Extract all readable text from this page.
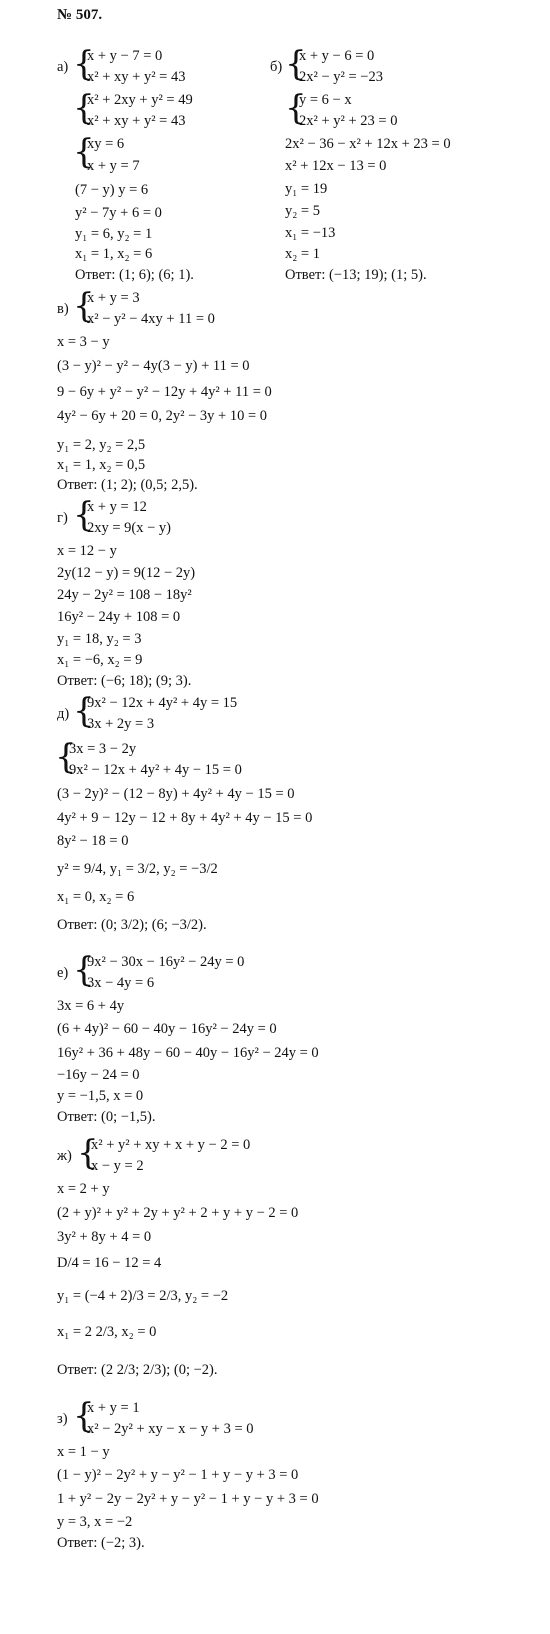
№ 507.
а) {
x + y − 7 = 0
x² + xy + y² = 43
{
x² + 2xy + y² = 49
x² + xy + y² = 43
{
xy = 6
x + y = 7
(7 − y) y = 6
y² − 7y + 6 = 0
y₁ = 6, y₂ = 1
x₁ = 1, x₂ = 6
Ответ: (1; 6); (6; 1).
б) {
x + y − 6 = 0
2x² − y² = −23
{
y = 6 − x
2x² + y² + 23 = 0
2x² − 36 − x² + 12x + 23 = 0
x² + 12x − 13 = 0
y₁ = 19
y₂ = 5
x₁ = −13
x₂ = 1
Ответ: (−13; 19); (1; 5).
в) {
x + y = 3
x² − y² − 4xy + 11 = 0
x = 3 − y
(3 − y)² − y² − 4y(3 − y) + 11 = 0
9 − 6y + y² − y² − 12y + 4y² + 11 = 0
4y² − 6y + 20 = 0, 2y² − 3y + 10 = 0
y₁ = 2, y₂ = 2,5
x₁ = 1, x₂ = 0,5
Ответ: (1; 2); (0,5; 2,5).
г) {
x + y = 12
2xy = 9(x − y)
x = 12 − y
2y(12 − y) = 9(12 − 2y)
24y − 2y² = 108 − 18y²
16y² − 24y + 108 = 0
y₁ = 18, y₂ = 3
x₁ = −6, x₂ = 9
Ответ: (−6; 18); (9; 3).
д) {
9x² − 12x + 4y² + 4y = 15
3x + 2y = 3
{
3x = 3 − 2y
9x² − 12x + 4y² + 4y − 15 = 0
(3 − 2y)² − (12 − 8y) + 4y² + 4y − 15 = 0
4y² + 9 − 12y − 12 + 8y + 4y² + 4y − 15 = 0
8y² − 18 = 0
y² = 9/4, y₁ = 3/2, y₂ = −3/2
x₁ = 0, x₂ = 6
Ответ: (0; 3/2); (6; −3/2).
е) {
9x² − 30x − 16y² − 24y = 0
3x − 4y = 6
3x = 6 + 4y
(6 + 4y)² − 60 − 40y − 16y² − 24y = 0
16y² + 36 + 48y − 60 − 40y − 16y² − 24y = 0
−16y − 24 = 0
y = −1,5, x = 0
Ответ: (0; −1,5).
ж) {
x² + y² + xy + x + y − 2 = 0
x − y = 2
x = 2 + y
(2 + y)² + y² + 2y + y² + 2 + y + y − 2 = 0
3y² + 8y + 4 = 0
D/4 = 16 − 12 = 4
y₁ = (−4 + 2)/3 = 2/3, y₂ = −2
x₁ = 2 2/3, x₂ = 0
Ответ: (2 2/3; 2/3); (0; −2).
з) {
x + y = 1
x² − 2y² + xy − x − y + 3 = 0
x = 1 − y
(1 − y)² − 2y² + y − y² − 1 + y − y + 3 = 0
1 + y² − 2y − 2y² + y − y² − 1 + y − y + 3 = 0
y = 3, x = −2
Ответ: (−2; 3).
